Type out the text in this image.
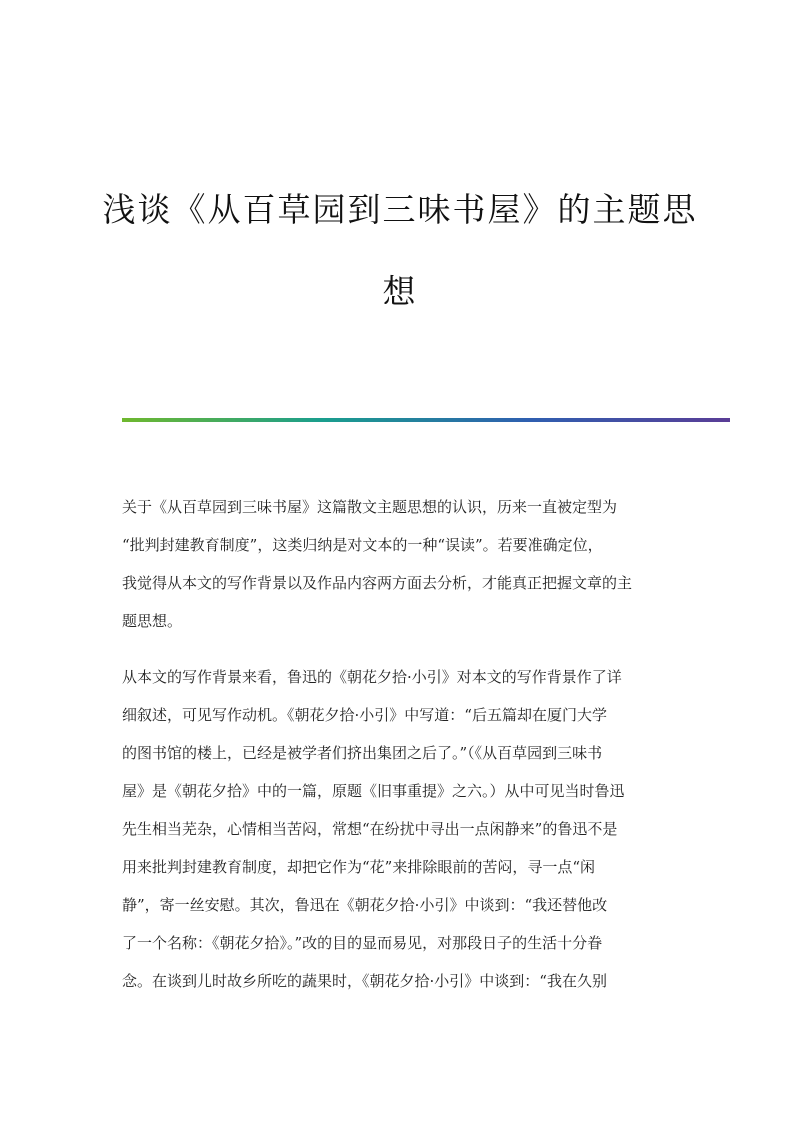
浅谈《从百草园到三味书屋》的主题思
想

关于《从百草园到三味书屋》这篇散文主题思想的认识，历来一直被定型为
“批判封建教育制度”，这类归纳是对文本的一种“误读”。若要准确定位，
我觉得从本文的写作背景以及作品内容两方面去分析，才能真正把握文章的主
题思想。

从本文的写作背景来看，鲁迅的《朝花夕拾·小引》对本文的写作背景作了详
细叙述，可见写作动机。《朝花夕拾·小引》中写道：“后五篇却在厦门大学
的图书馆的楼上，已经是被学者们挤出集团之后了。”（《从百草园到三味书
屋》是《朝花夕拾》中的一篇，原题《旧事重提》之六。）从中可见当时鲁迅
先生相当芜杂，心情相当苦闷，常想“在纷扰中寻出一点闲静来”的鲁迅不是
用来批判封建教育制度，却把它作为“花”来排除眼前的苦闷，寻一点“闲
静”，寄一丝安慰。其次，鲁迅在《朝花夕拾·小引》中谈到：“我还替他改
了一个名称：《朝花夕拾》。”改的目的显而易见，对那段日子的生活十分眷
念。在谈到儿时故乡所吃的蔬果时，《朝花夕拾·小引》中谈到：“我在久别
